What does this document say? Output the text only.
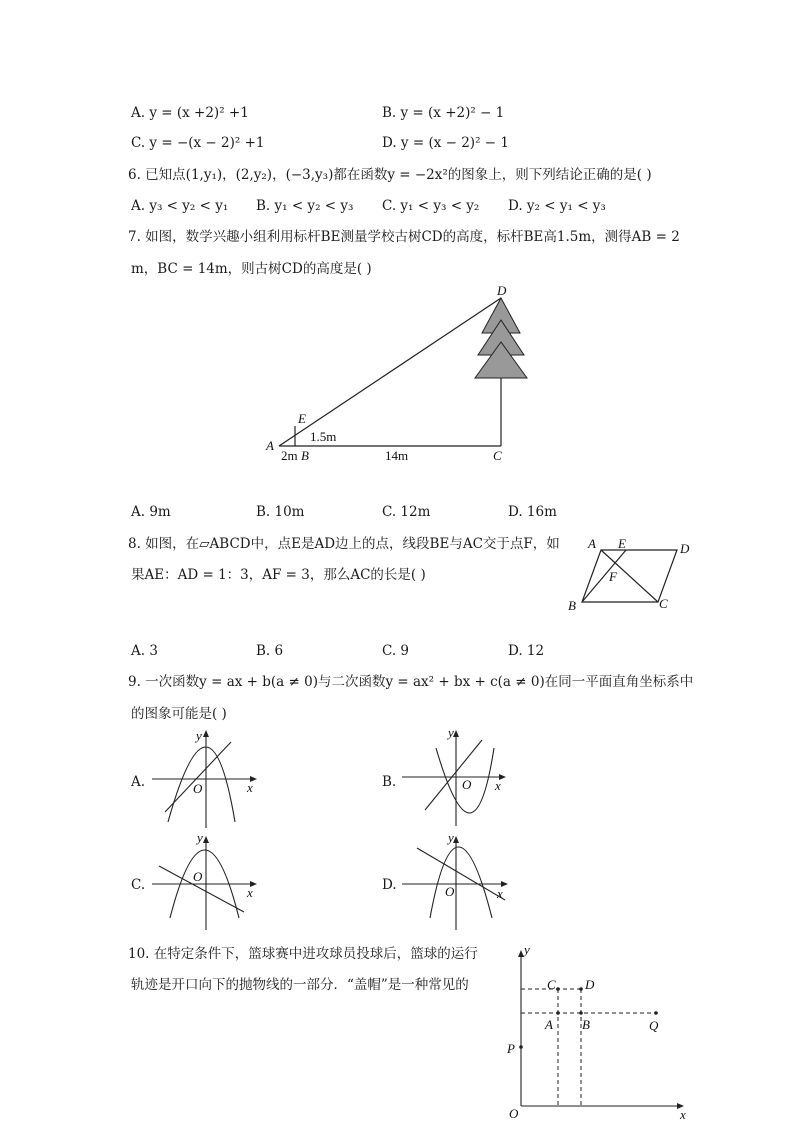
A. y = (x +2)² +1	B. y = (x +2)² − 1
C. y = −(x − 2)² +1	D. y = (x − 2)² − 1
6. 已知点(1,y₁)，(2,y₂)，(−3,y₃)都在函数y = −2x²的图象上，则下列结论正确的是( )
A. y₃ < y₂ < y₁ B. y₁ < y₂ < y₃ C. y₁ < y₃ < y₂ D. y₂ < y₁ < y₃
7. 如图，数学兴趣小组利用标杆BE测量学校古树CD的高度，标杆BE高1.5m，测得AB = 2
m，BC = 14m，则古树CD的高度是( )
D
E
A
B	C
1.5m
2m	14m
A. 9m	B. 10m	C. 12m	D. 16m
8. 如图，在▱ABCD中，点E是AD边上的点，线段BE与AC交于点F，如
果AE：AD = 1：3，AF = 3，那么AC的长是( )
A E	D
F
B	C
A. 3	B. 6	C. 9	D. 12
9. 一次函数y = ax + b(a ≠ 0)与二次函数y = ax² + bx + c(a ≠ 0)在同一平面直角坐标系中
的图象可能是( )
A.	B.
C.	D.
y
x
O
y
x
O
y
x
O
y
x
O
10. 在特定条件下，篮球赛中进攻球员投球后，篮球的运行
轨迹是开口向下的抛物线的一部分．“盖帽”是一种常见的
y
x
O
P
A B
C D
Q
